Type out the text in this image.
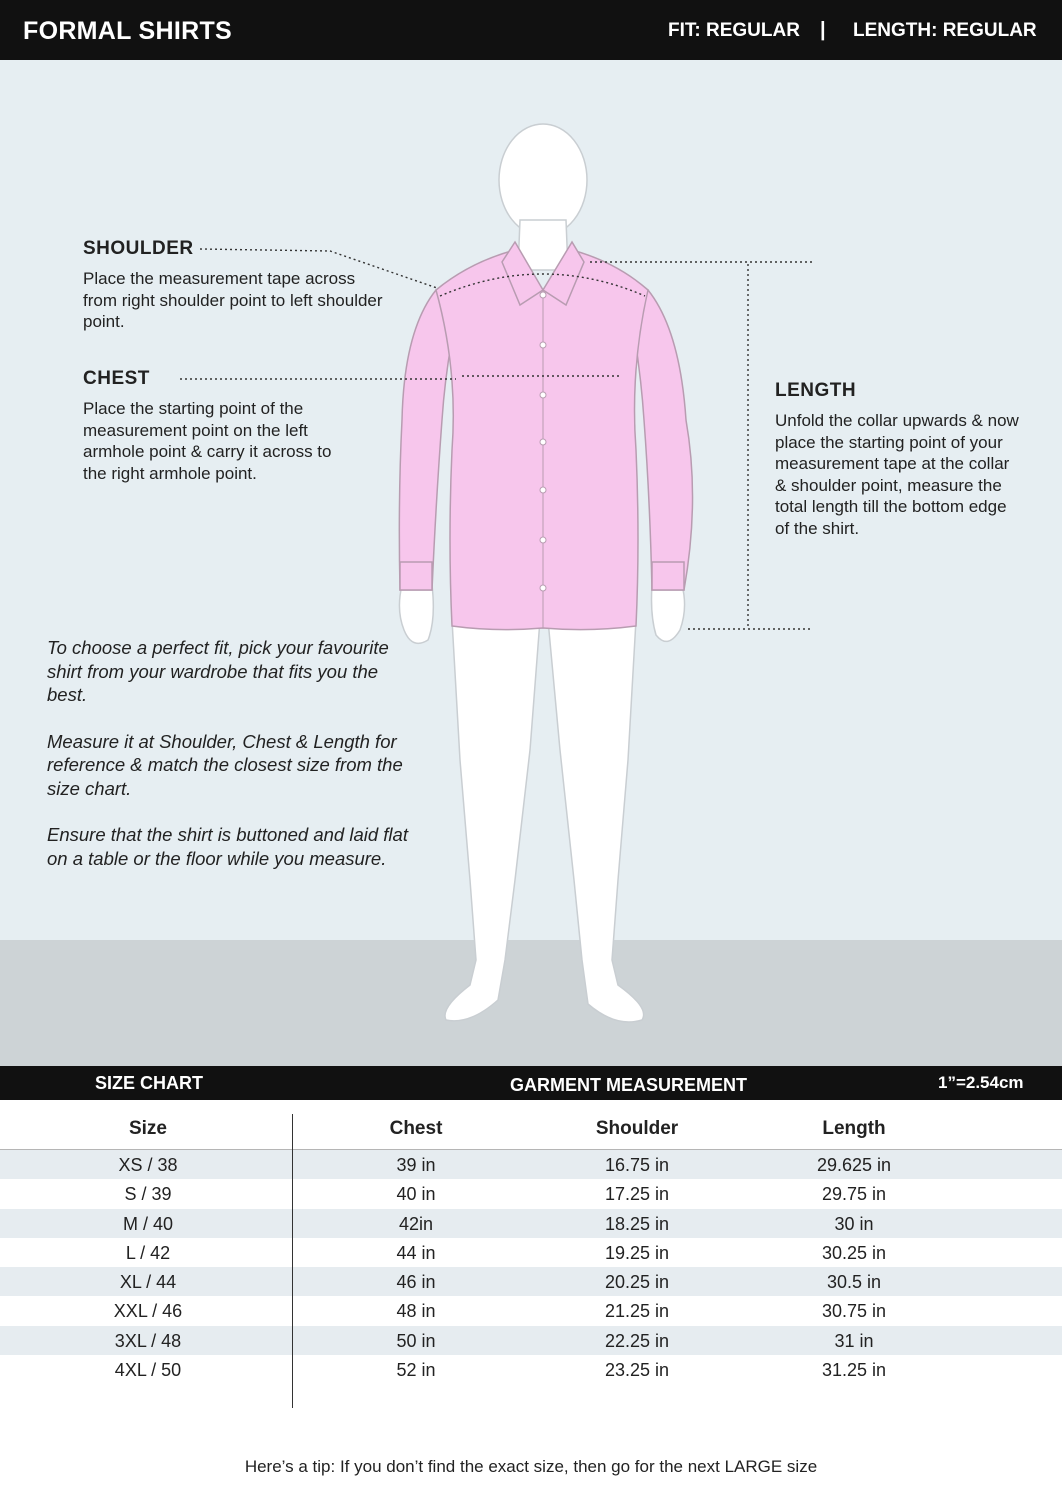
FORMAL SHIRTS	FIT: REGULAR | LENGTH: REGULAR
SHOULDER
Place the measurement tape across from right shoulder point to left shoulder point.
CHEST
Place the starting point of the measurement point on the left armhole point & carry it across to the right armhole point.
LENGTH
Unfold the collar upwards & now place the starting point of your measurement tape at the collar & shoulder point, measure the total length till the bottom edge of the shirt.

To choose a perfect fit, pick your favourite shirt from your wardrobe that fits you the best.

Measure it at Shoulder, Chest & Length for reference & match the closest size from the size chart.

Ensure that the shirt is buttoned and laid flat on a table or the floor while you measure.

SIZE CHART	GARMENT MEASUREMENT	1”=2.54cm
Size	Chest	Shoulder	Length
XS / 38	39 in	16.75 in	29.625 in
S / 39	40 in	17.25 in	29.75 in
M / 40	42in	18.25 in	30 in
L / 42	44 in	19.25 in	30.25 in
XL / 44	46 in	20.25 in	30.5 in
XXL / 46	48 in	21.25 in	30.75 in
3XL / 48	50 in	22.25 in	31 in
4XL / 50	52 in	23.25 in	31.25 in
Here’s a tip: If you don’t find the exact size, then go for the next LARGE size
